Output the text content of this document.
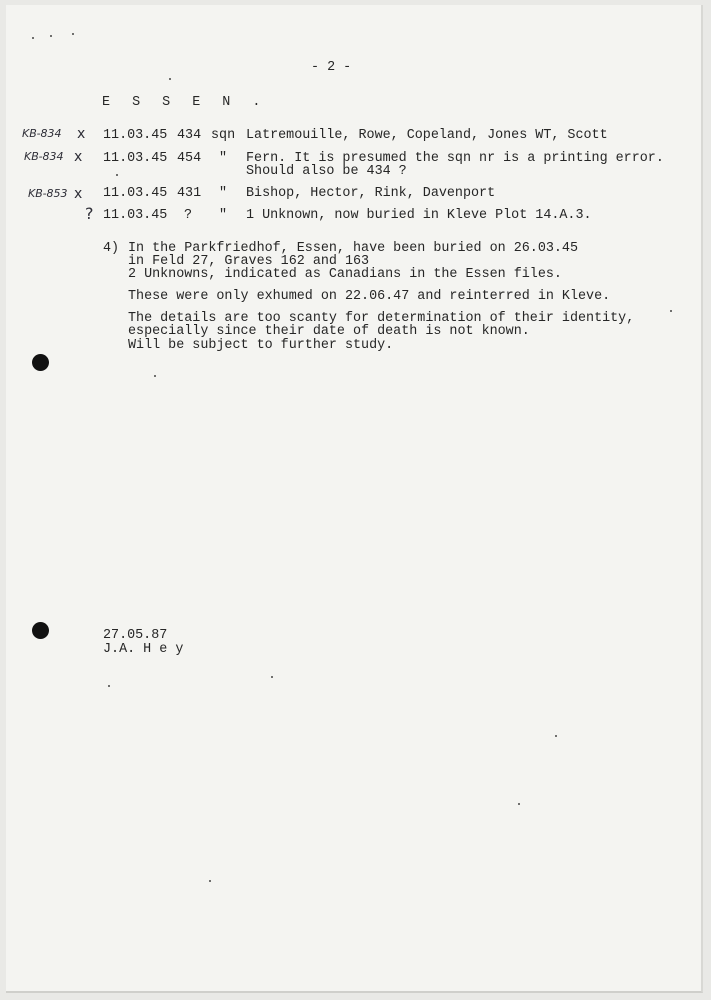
- 2 -
E S S E N .
KB-834 x 11.03.45 434 sqn Latremouille, Rowe, Copeland, Jones WT, Scott
KB-834 x 11.03.45 454 " Fern. It is presumed the sqn nr is a printing error.
Should also be 434 ?
KB-853 x 11.03.45 431 " Bishop, Hector, Rink, Davenport
? 11.03.45 ? " 1 Unknown, now buried in Kleve Plot 14.A.3.
4) In the Parkfriedhof, Essen, have been buried on 26.03.45
in Feld 27, Graves 162 and 163
2 Unknowns, indicated as Canadians in the Essen files.
These were only exhumed on 22.06.47 and reinterred in Kleve.
The details are too scanty for determination of their identity,
especially since their date of death is not known.
Will be subject to further study.
27.05.87
J.A. H e y
